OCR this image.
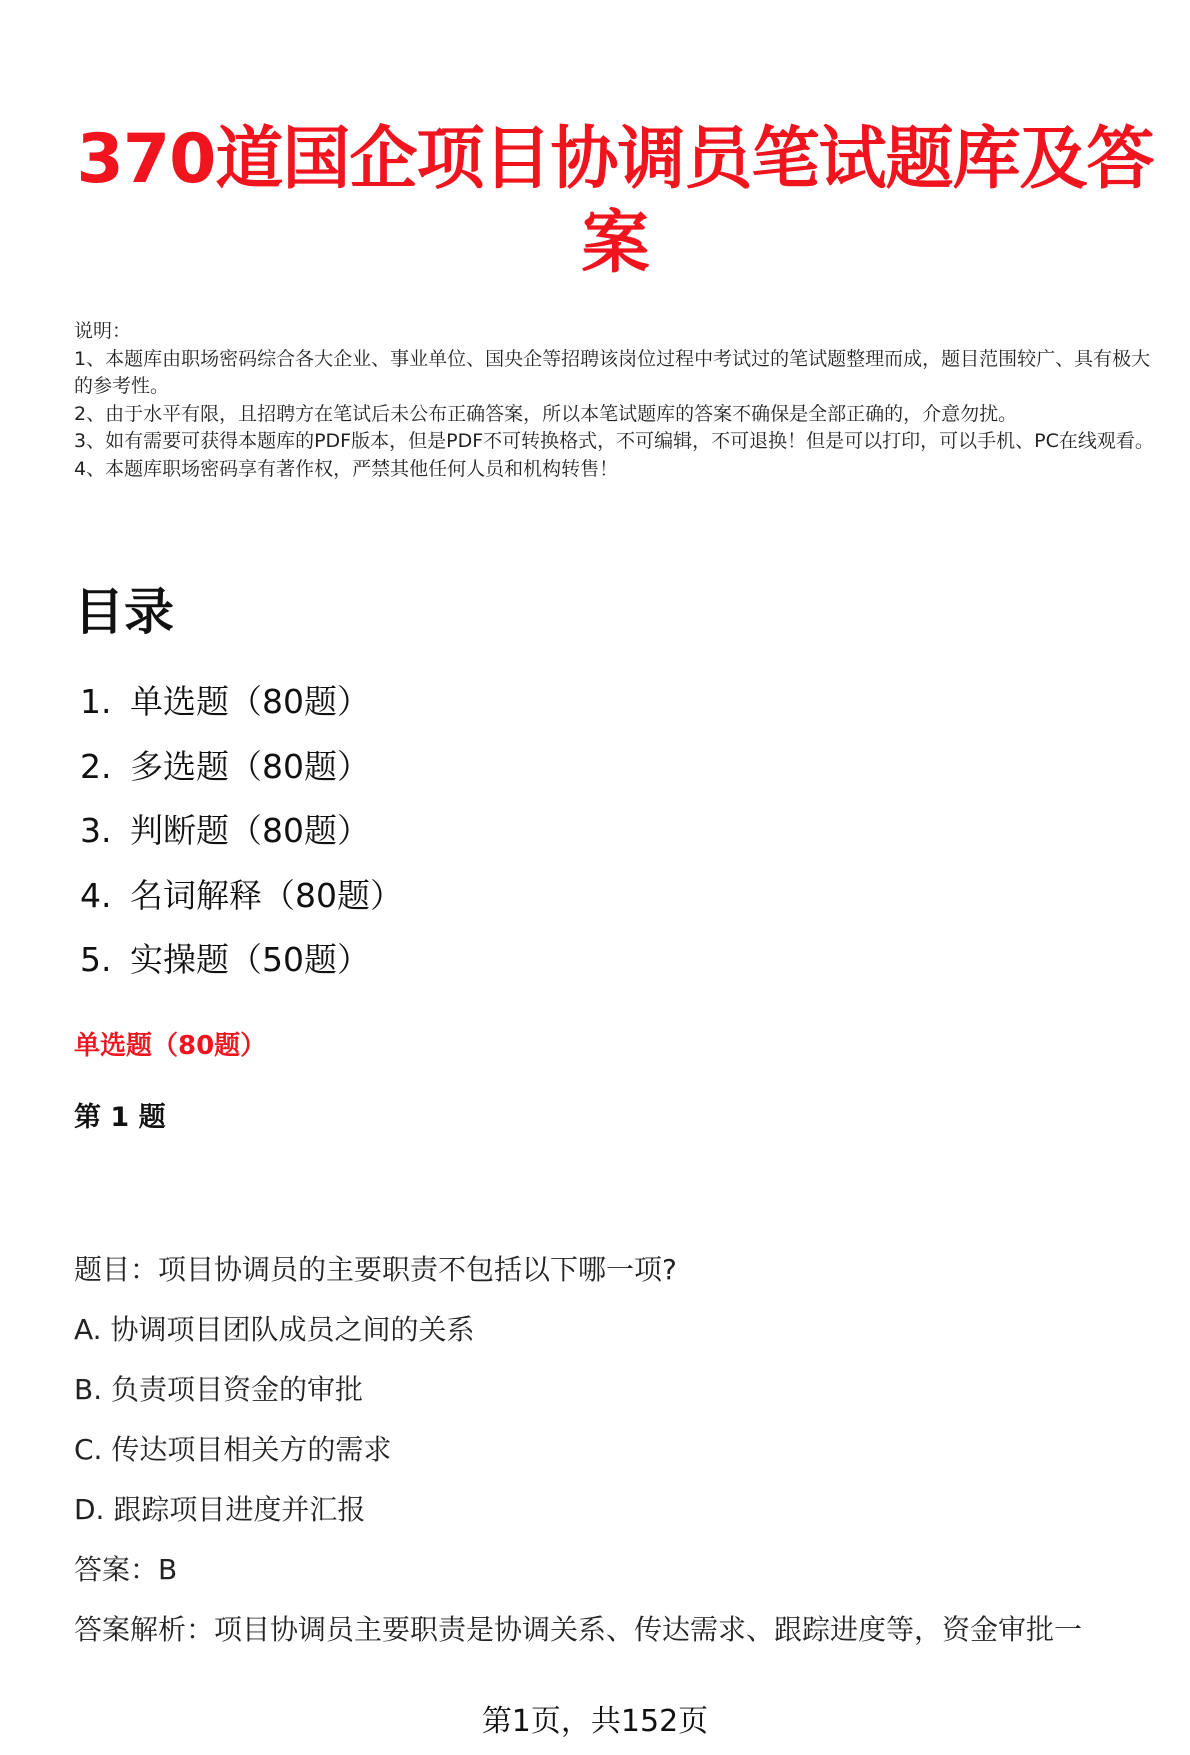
370道国企项目协调员笔试题库及答案
说明：
1、本题库由职场密码综合各大企业、事业单位、国央企等招聘该岗位过程中考试过的笔试题整理而成，题目范围较广、具有极大的参考性。
2、由于水平有限，且招聘方在笔试后未公布正确答案，所以本笔试题库的答案不确保是全部正确的，介意勿扰。
3、如有需要可获得本题库的PDF版本，但是PDF不可转换格式，不可编辑，不可退换！但是可以打印，可以手机、PC在线观看。
4、本题库职场密码享有著作权，严禁其他任何人员和机构转售！
目录
1. 单选题（80题）
2. 多选题（80题）
3. 判断题（80题）
4. 名词解释（80题）
5. 实操题（50题）
单选题（80题）
第 1 题
题目：项目协调员的主要职责不包括以下哪一项?
A. 协调项目团队成员之间的关系
B. 负责项目资金的审批
C. 传达项目相关方的需求
D. 跟踪项目进度并汇报
答案：B
答案解析：项目协调员主要职责是协调关系、传达需求、跟踪进度等，资金审批一
第1页，共152页
